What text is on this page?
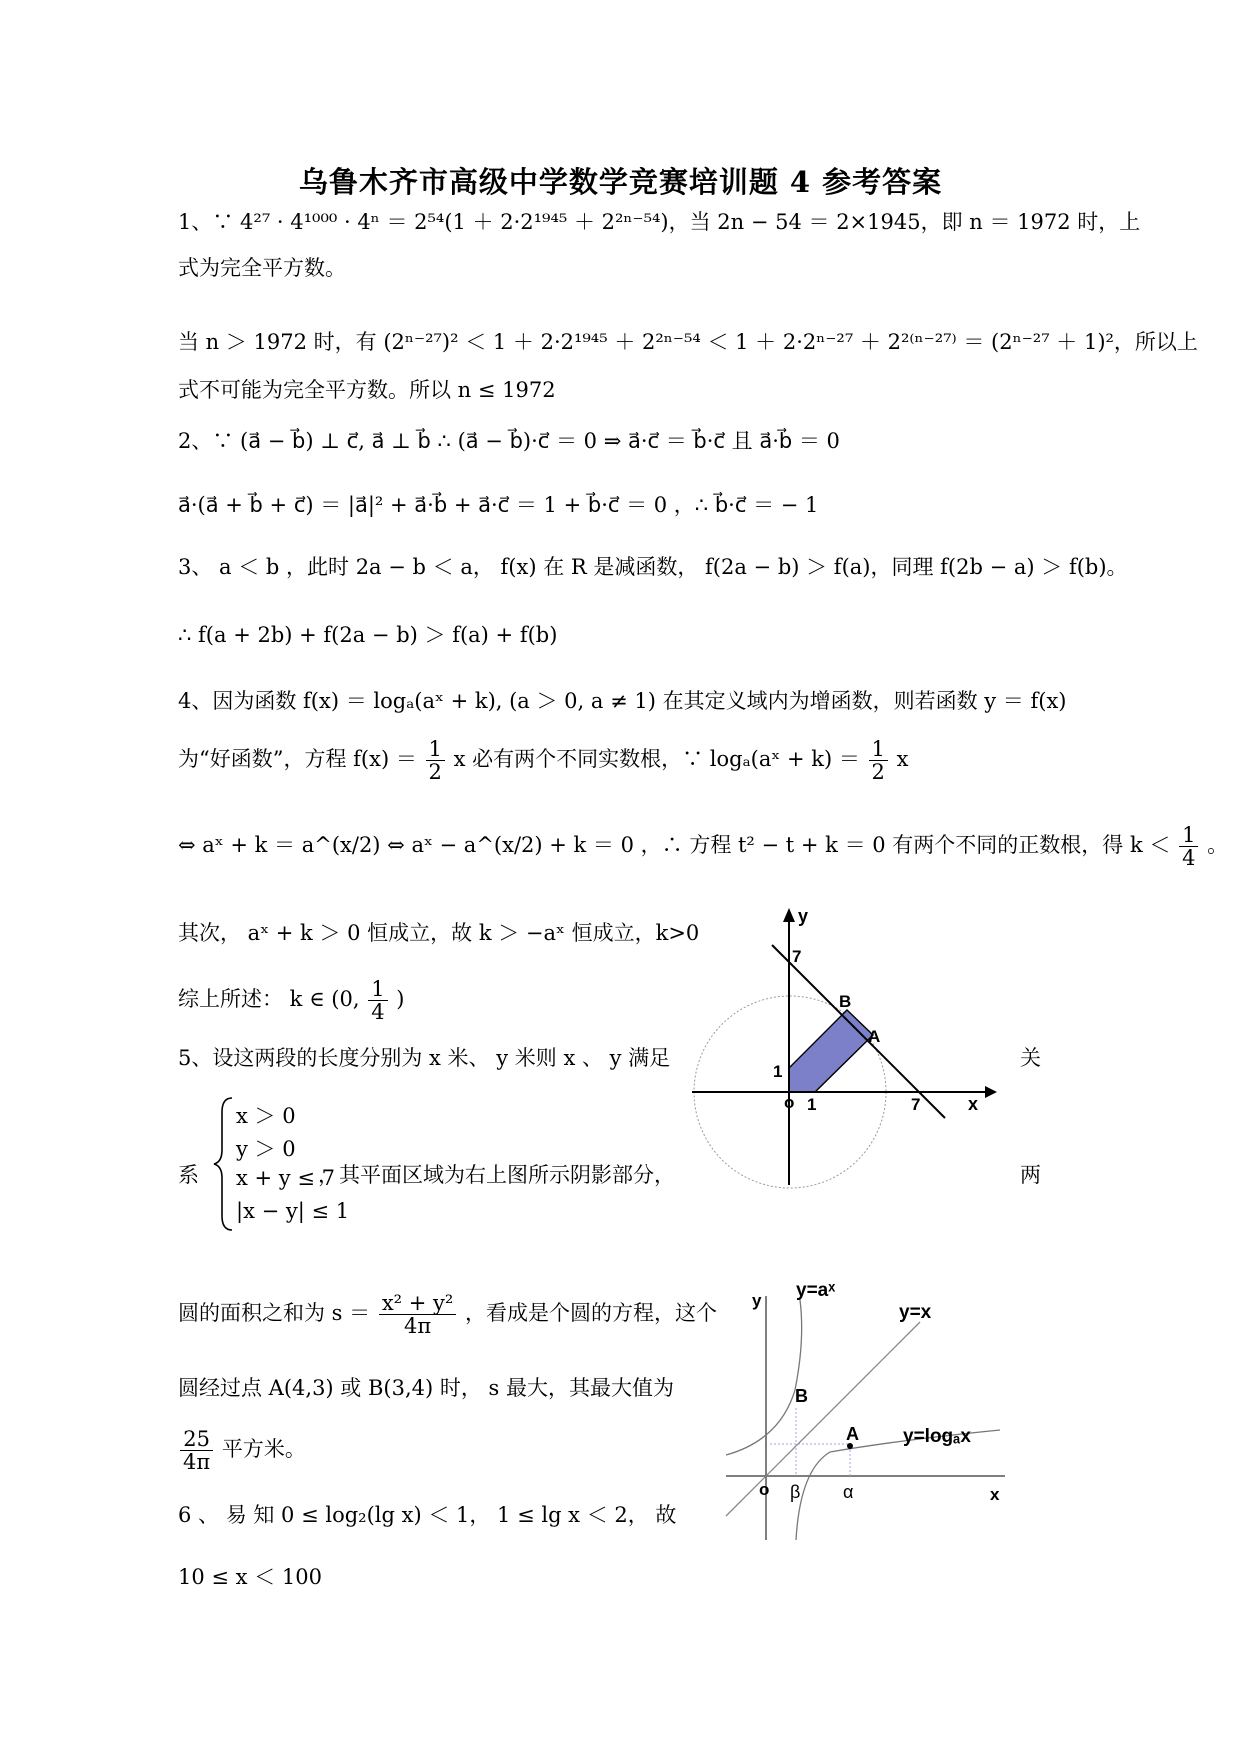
乌鲁木齐市高级中学数学竞赛培训题 4 参考答案
1、∵ 4²⁷ · 4¹⁰⁰⁰ · 4ⁿ ＝ 2⁵⁴(1 ＋ 2·2¹⁹⁴⁵ ＋ 2²ⁿ⁻⁵⁴)，当 2n − 54 ＝ 2×1945，即 n ＝ 1972 时，上
式为完全平方数。
当 n ＞ 1972 时，有 (2ⁿ⁻²⁷)² ＜ 1 ＋ 2·2¹⁹⁴⁵ ＋ 2²ⁿ⁻⁵⁴ ＜ 1 ＋ 2·2ⁿ⁻²⁷ ＋ 2²⁽ⁿ⁻²⁷⁾ ＝ (2ⁿ⁻²⁷ ＋ 1)²，所以上
式不可能为完全平方数。所以 n ≤ 1972
2、∵ (a⃗ − b⃗) ⊥ c⃗, a⃗ ⊥ b⃗ ∴ (a⃗ − b⃗)·c⃗ ＝ 0 ⇒ a⃗·c⃗ ＝ b⃗·c⃗ 且 a⃗·b⃗ ＝ 0
a⃗·(a⃗ + b⃗ + c⃗) ＝ |a⃗|² + a⃗·b⃗ + a⃗·c⃗ ＝ 1 + b⃗·c⃗ ＝ 0 ，∴ b⃗·c⃗ ＝ − 1
3、 a ＜ b ，此时 2a − b ＜ a， f(x) 在 R 是减函数， f(2a − b) ＞ f(a)，同理 f(2b − a) ＞ f(b)。
∴ f(a + 2b) + f(2a − b) ＞ f(a) + f(b)
4、因为函数 f(x) ＝ logₐ(aˣ + k), (a ＞ 0, a ≠ 1) 在其定义域内为增函数，则若函数 y ＝ f(x)
为“好函数”，方程 $f(x) = \frac{1}{2}$ x 必有两个不同实数根，∵ logₐ(aˣ + $k) = \frac{1}{2}$ x
⇔ aˣ + k ＝ a^(x/2) ⇔ aˣ − a^(x/2) + k ＝ 0 ，∴ 方程 t² − t + k ＝ 0 有两个不同的正数根，得 $k < \frac{1}{4}$ 。
其次， aˣ + k ＞ 0 恒成立，故 k ＞ −aˣ 恒成立，k>0
综上所述： k ∈ (0, $\frac{1}{4}$ )
5、设这两段的长度分别为 x 米、 y 米则 x 、 y 满足	关
系
x ＞ 0
y ＞ 0
x + y ≤ 7
|x − y| ≤ 1
，其平面区域为右上图所示阴影部分，	两
圆的面积之和为 $s = \frac{\text{x² + y²}}{4\pi}$ ，看成是个圆的方程，这个
圆经过点 A(4,3) 或 B(3,4) 时， s 最大，其最大值为
$\frac{25}{4\pi}$ 平方米。
6 、 易 知 0 ≤ log₂(lg x) ＜ 1， 1 ≤ lg x ＜ 2， 故
10 ≤ x ＜ 100
y
x
7
7
1
1
o
B
A
y
x
y=aˣ
y=x
y=logₐx
B
A
o β α
